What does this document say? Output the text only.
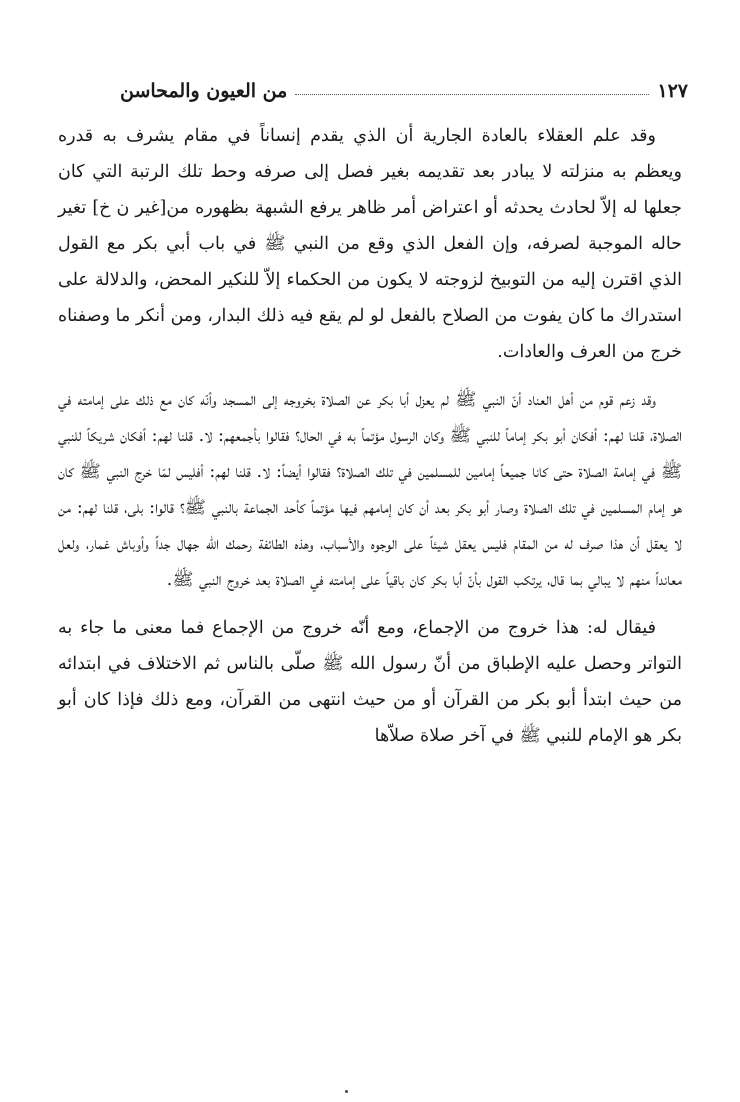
من العيون والمحاسن	١٢٧

وقد علم العقلاء بالعادة الجارية أن الذي يقدم إنساناً في مقام يشرف به قدره ويعظم به منزلته لا يبادر بعد تقديمه بغير فصل إلى صرفه وحط تلك الرتبة التي كان جعلها له إلاّ لحادث يحدثه أو اعتراض أمر ظاهر يرفع الشبهة بظهوره من[غير ن خ] تغير حاله الموجبة لصرفه، وإن الفعل الذي وقع من النبي ﷺ في باب أبي بكر مع القول الذي اقترن إليه من التوبيخ لزوجته لا يكون من الحكماء إلاّ للنكير المحض، والدلالة على استدراك ما كان يفوت من الصلاح بالفعل لو لم يقع فيه ذلك البدار، ومن أنكر ما وصفناه خرج من العرف والعادات.

وقد زعم قوم من أهل العناد أنّ النبي ﷺ لم يعزل أبا بكر عن الصلاة بخروجه إلى المسجد وأنّه كان مع ذلك على إمامته في الصلاة، قلنا لهم: أفكان أبو بكر إماماً للنبي ﷺ وكان الرسول مؤتماً به في الحال؟ فقالوا بأجمعهم: لا. قلنا لهم: أفكان شريكاً للنبي ﷺ في إمامة الصلاة حتى كانا جميعاً إمامين للمسلمين في تلك الصلاة؟ فقالوا أيضاً: لا. قلنا لهم: أفليس لمّا خرج النبي ﷺ كان هو إمام المسلمين في تلك الصلاة وصار أبو بكر بعد أن كان إمامهم فيها مؤتماً كأحد الجماعة بالنبي ﷺ؟ قالوا: بلى، قلنا لهم: من لا يعقل أن هذا صرف له من المقام فليس يعقل شيئاً على الوجوه والأسباب، وهذه الطائفة رحمك الله جهال جداً وأوباش غمار، ولعل معانداً منهم لا يبالي بما قال، يرتكب القول بأنّ أبا بكر كان باقياً على إمامته في الصلاة بعد خروج النبي ﷺ.

فيقال له: هذا خروج من الإجماع، ومع أنّه خروج من الإجماع فما معنى ما جاء به التواتر وحصل عليه الإطباق من أنّ رسول الله ﷺ صلّى بالناس ثم الاختلاف في ابتدائه من حيث ابتدأ أبو بكر من القرآن أو من حيث انتهى من القرآن، ومع ذلك فإذا كان أبو بكر هو الإمام للنبي ﷺ في آخر صلاة صلاّها
